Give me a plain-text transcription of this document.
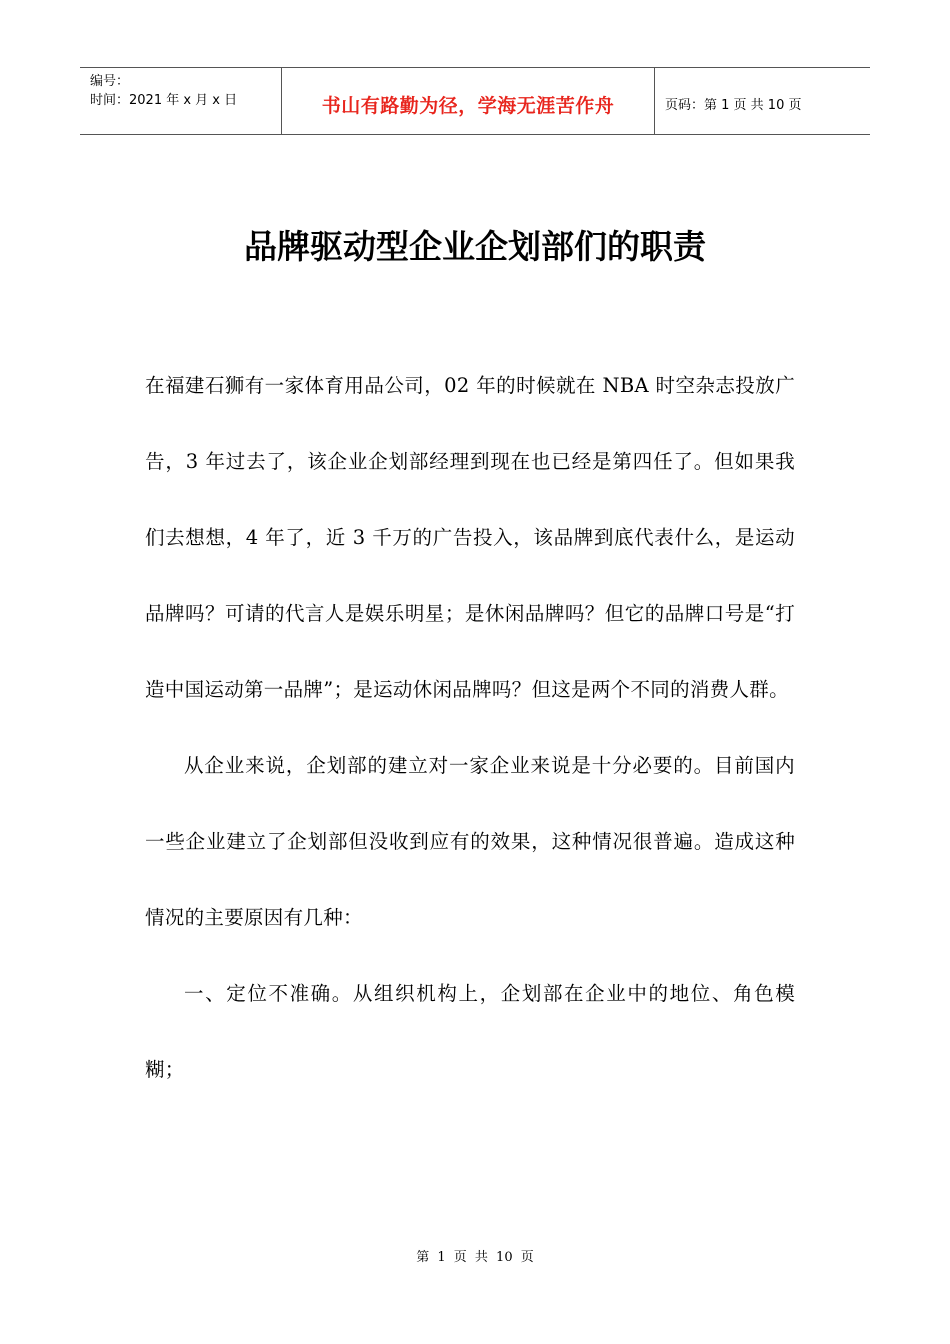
编号：
时间：2021 年 x 月 x 日	书山有路勤为径，学海无涯苦作舟	页码：第 1 页 共 10 页
品牌驱动型企业企划部们的职责

在福建石狮有一家体育用品公司，02 年的时候就在 NBA 时空杂志投放广告，3 年过去了，该企业企划部经理到现在也已经是第四任了。但如果我们去想想，4 年了，近 3 千万的广告投入，该品牌到底代表什么，是运动品牌吗？可请的代言人是娱乐明星；是休闲品牌吗？但它的品牌口号是“打造中国运动第一品牌”；是运动休闲品牌吗？但这是两个不同的消费人群。

从企业来说，企划部的建立对一家企业来说是十分必要的。目前国内一些企业建立了企划部但没收到应有的效果，这种情况很普遍。造成这种情况的主要原因有几种：

一、定位不准确。从组织机构上，企划部在企业中的地位、角色模糊；

第 1 页 共 10 页
